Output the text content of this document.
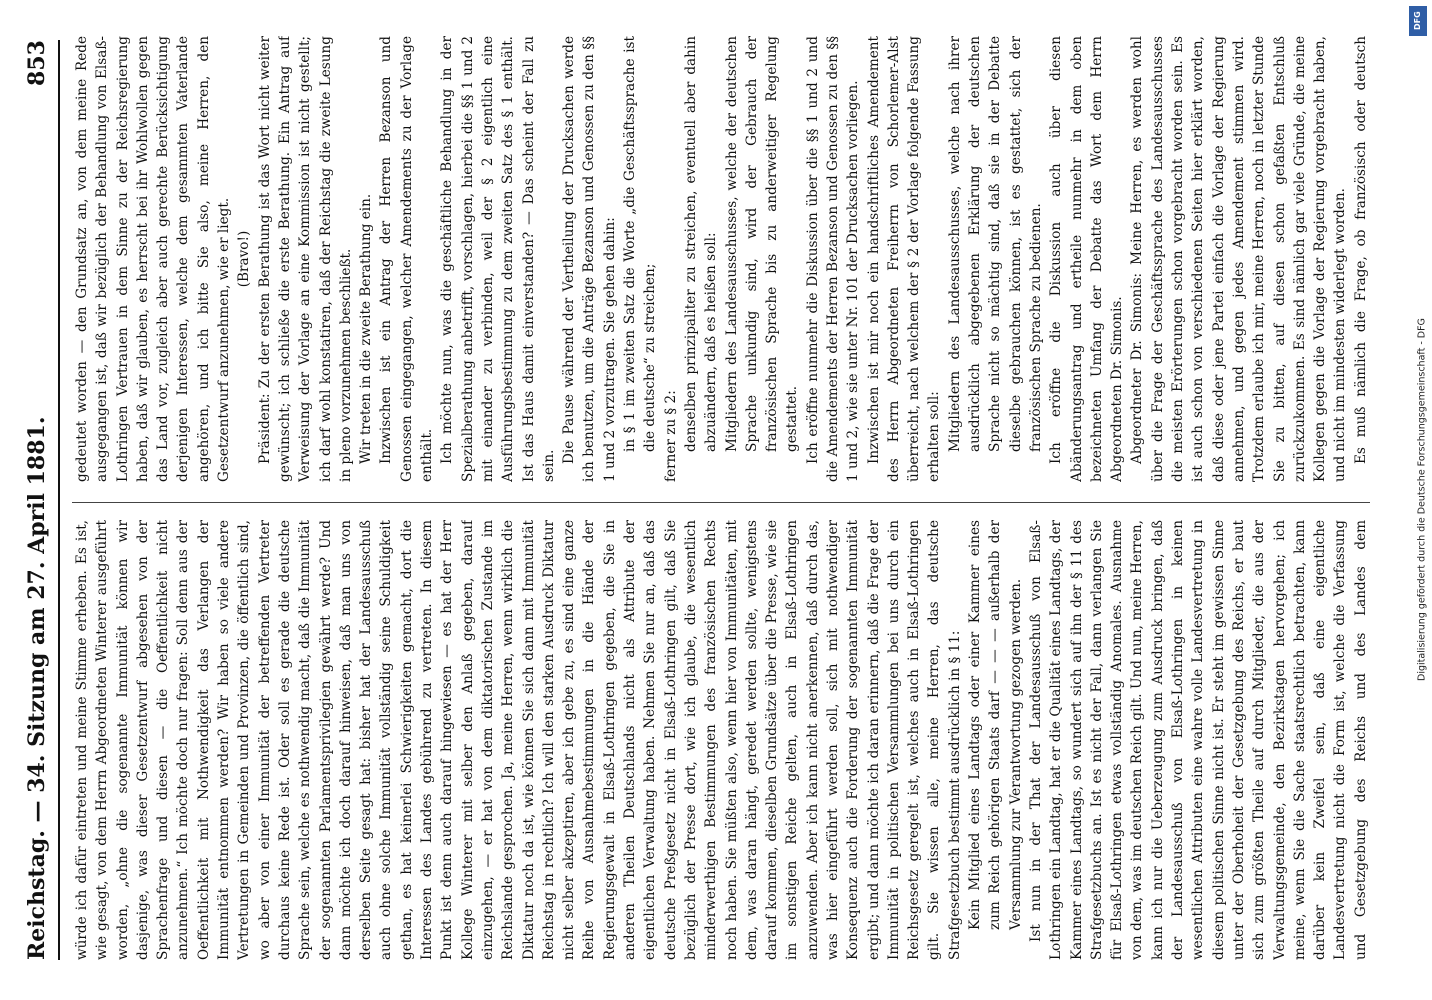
Reichstag. — 34. Sitzung am 27. April 1881.
853

würde ich dafür eintreten und meine Stimme erheben. Es ist, wie gesagt, von dem Herrn Abgeordneten Winterer ausgeführt worden, „ohne die sogenannte Immunität können wir dasjenige, was dieser Gesetzentwurf abgesehen von der Sprachenfrage und diesen — die Oeffentlichkeit nicht anzunehmen.“ Ich möchte doch nur fragen: Soll denn aus der Oeffentlichkeit mit Nothwendigkeit das Verlangen der Immunität entnommen werden? Wir haben so viele andere Vertretungen in Gemeinden und Provinzen, die öffentlich sind, wo aber von einer Immunität der betreffenden Vertreter durchaus keine Rede ist. Oder soll es gerade die deutsche Sprache sein, welche es nothwendig macht, daß die Immunität der sogenannten Parlamentsprivilegien gewährt werde? Und dann möchte ich doch darauf hinweisen, daß man uns von derselben Seite gesagt hat: bisher hat der Landesausschuß auch ohne solche Immunität vollständig seine Schuldigkeit gethan, es hat keinerlei Schwierigkeiten gemacht, dort die Interessen des Landes gebührend zu vertreten. In diesem Punkt ist denn auch darauf hingewiesen — es hat der Herr Kollege Winterer mit selber den Anlaß gegeben, darauf einzugehen, — er hat von dem diktatorischen Zustande im Reichslande gesprochen. Ja, meine Herren, wenn wirklich die Diktatur noch da ist, wie können Sie sich dann mit Immunität Reichstag in rechtlich? Ich will den starken Ausdruck Diktatur nicht selber akzeptiren, aber ich gebe zu, es sind eine ganze Reihe von Ausnahmebestimmungen in die Hände der Regierungsgewalt in Elsaß-Lothringen gegeben, die Sie in anderen Theilen Deutschlands nicht als Attribute der eigentlichen Verwaltung haben. Nehmen Sie nur an, daß das deutsche Preßgesetz nicht in Elsaß-Lothringen gilt, daß Sie bezüglich der Presse dort, wie ich glaube, die wesentlich minderwerthigen Bestimmungen des französischen Rechts noch haben. Sie müßten also, wenn hier von Immunitäten, mit dem, was daran hängt, geredet werden sollte, wenigstens darauf kommen, dieselben Grundsätze über die Presse, wie sie im sonstigen Reiche gelten, auch in Elsaß-Lothringen anzuwenden. Aber ich kann nicht anerkennen, daß durch das, was hier eingeführt werden soll, sich mit nothwendiger Konsequenz auch die Forderung der sogenannten Immunität ergibt; und dann möchte ich daran erinnern, daß die Frage der Immunität in politischen Versammlungen bei uns durch ein Reichsgesetz geregelt ist, welches auch in Elsaß-Lothringen gilt. Sie wissen alle, meine Herren, das deutsche Strafgesetzbuch bestimmt ausdrücklich in § 11: Kein Mitglied eines Landtags oder einer Kammer eines zum Reich gehörigen Staats darf — — — außerhalb der Versammlung zur Verantwortung gezogen werden.

Ist nun in der That der Landesausschuß von Elsaß-Lothringen ein Landtag, hat er die Qualität eines Landtags, der Kammer eines Landtags, so wundert sich auf ihn der § 11 des Strafgesetzbuchs an. Ist es nicht der Fall, dann verlangen Sie für Elsaß-Lothringen etwas vollständig Anomales. Ausnahme von dem, was im deutschen Reich gilt. Und nun, meine Herren, kann ich nur die Ueberzeugung zum Ausdruck bringen, daß der Landesausschuß von Elsaß-Lothringen in keinen wesentlichen Attributen eine wahre volle Landesvertretung in diesem politischen Sinne nicht ist. Er steht im gewissen Sinne unter der Oberhoheit der Gesetzgebung des Reichs, er baut sich zum größten Theile auf durch Mitglieder, die aus der Verwaltungsgemeinde, den Bezirkstagen hervorgehen; ich meine, wenn Sie die Sache staatsrechtlich betrachten, kann darüber kein Zweifel sein, daß eine eigentliche Landesvertretung nicht die Form ist, welche die Verfassung und Gesetzgebung des Reichs und des Landes dem

gedeutet worden — den Grundsatz an, von dem meine Rede ausgegangen ist, daß wir bezüglich der Behandlung von Elsaß-Lothringen Vertrauen in dem Sinne zu der Reichsregierung haben, daß wir glauben, es herrscht bei ihr Wohlwollen gegen das Land vor, zugleich aber auch gerechte Berücksichtigung derjenigen Interessen, welche dem gesammten Vaterlande angehören, und ich bitte Sie also, meine Herren, den Gesetzentwurf anzunehmen, wie er liegt. (Bravo!) Präsident: Zu der ersten Berathung ist das Wort nicht weiter gewünscht; ich schließe die erste Berathung. Ein Antrag auf Verweisung der Vorlage an eine Kommission ist nicht gestellt; ich darf wohl konstatiren, daß der Reichstag die zweite Lesung in pleno vorzunehmen beschließt. Wir treten in die zweite Berathung ein. Inzwischen ist ein Antrag der Herren Bezanson und Genossen eingegangen, welcher Amendements zu der Vorlage enthält. Ich möchte nun, was die geschäftliche Behandlung in der Spezialberathung anbetrifft, vorschlagen, hierbei die §§ 1 und 2 mit einander zu verbinden, weil der § 2 eigentlich eine Ausführungsbestimmung zu dem zweiten Satz des § 1 enthält. Ist das Haus damit einverstanden? — Das scheint der Fall zu sein.

Die Pause während der Vertheilung der Drucksachen werde ich benutzen, um die Anträge Bezanson und Genossen zu den §§ 1 und 2 vorzutragen. Sie gehen dahin: in § 1 im zweiten Satz die Worte „die Geschäftssprache ist die deutsche“ zu streichen; ferner zu § 2: denselben prinzipaliter zu streichen, eventuell aber dahin abzuändern, daß es heißen soll: Mitgliedern des Landesausschusses, welche der deutschen Sprache unkundig sind, wird der Gebrauch der französischen Sprache bis zu anderweitiger Regelung gestattet. Ich eröffne nunmehr die Diskussion über die §§ 1 und 2 und die Amendements der Herren Bezanson und Genossen zu den §§ 1 und 2, wie sie unter Nr. 101 der Drucksachen vorliegen. Inzwischen ist mir noch ein handschriftliches Amendement des Herrn Abgeordneten Freiherrn von Schorlemer-Alst überreicht, nach welchem der § 2 der Vorlage folgende Fassung erhalten soll: Mitgliedern des Landesausschusses, welche nach ihrer ausdrücklich abgegebenen Erklärung der deutschen Sprache nicht so mächtig sind, daß sie in der Debatte dieselbe gebrauchen können, ist es gestattet, sich der französischen Sprache zu bedienen. Ich eröffne die Diskussion auch über diesen Abänderungsantrag und ertheile nunmehr in dem oben bezeichneten Umfang der Debatte das Wort dem Herrn Abgeordneten Dr. Simonis. Abgeordneter Dr. Simonis: Meine Herren, es werden wohl über die Frage der Geschäftssprache des Landesausschusses die meisten Erörterungen schon vorgebracht worden sein. Es ist auch schon von verschiedenen Seiten hier erklärt worden, daß diese oder jene Partei einfach die Vorlage der Regierung annehmen, und gegen jedes Amendement stimmen wird. Trotzdem erlaube ich mir, meine Herren, noch in letzter Stunde Sie zu bitten, auf diesen schon gefaßten Entschluß zurückzukommen. Es sind nämlich gar viele Gründe, die meine Kollegen gegen die Vorlage der Regierung vorgebracht haben, und nicht im mindesten widerlegt worden. Es muß nämlich die Frage, ob französisch oder deutsch

DFG
Digitalisierung gefördert durch die Deutsche Forschungsgemeinschaft - DFG
